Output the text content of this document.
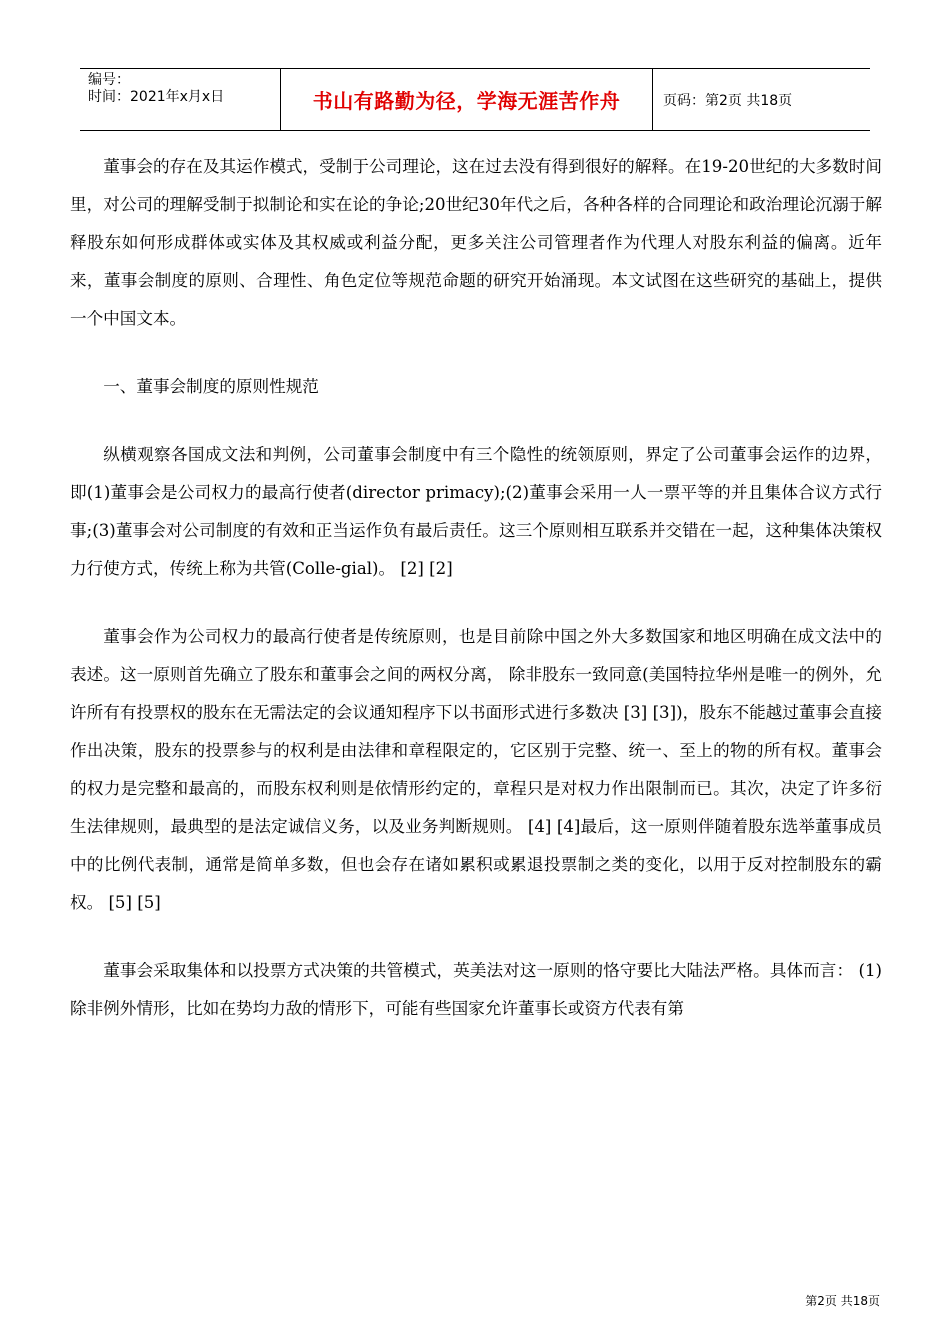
编号：
时间：2021年x月x日	书山有路勤为径，学海无涯苦作舟	页码：第2页 共18页

董事会的存在及其运作模式，受制于公司理论，这在过去没有得到很好的解释。在19-20世纪的大多数时间里，对公司的理解受制于拟制论和实在论的争论;20世纪30年代之后，各种各样的合同理论和政治理论沉溺于解释股东如何形成群体或实体及其权威或利益分配，更多关注公司管理者作为代理人对股东利益的偏离。近年来，董事会制度的原则、合理性、角色定位等规范命题的研究开始涌现。本文试图在这些研究的基础上，提供一个中国文本。

一、董事会制度的原则性规范

纵横观察各国成文法和判例，公司董事会制度中有三个隐性的统领原则，界定了公司董事会运作的边界，即(1)董事会是公司权力的最高行使者(director primacy);(2)董事会采用一人一票平等的并且集体合议方式行事;(3)董事会对公司制度的有效和正当运作负有最后责任。这三个原则相互联系并交错在一起，这种集体决策权力行使方式，传统上称为共管(Colle-gial)。 [2] [2]

董事会作为公司权力的最高行使者是传统原则，也是目前除中国之外大多数国家和地区明确在成文法中的表述。这一原则首先确立了股东和董事会之间的两权分离， 除非股东一致同意(美国特拉华州是唯一的例外，允许所有有投票权的股东在无需法定的会议通知程序下以书面形式进行多数决 [3] [3])，股东不能越过董事会直接作出决策，股东的投票参与的权利是由法律和章程限定的，它区别于完整、统一、至上的物的所有权。董事会的权力是完整和最高的，而股东权利则是依情形约定的，章程只是对权力作出限制而已。其次，决定了许多衍生法律规则，最典型的是法定诚信义务，以及业务判断规则。 [4] [4]最后，这一原则伴随着股东选举董事成员中的比例代表制，通常是简单多数，但也会存在诸如累积或累退投票制之类的变化，以用于反对控制股东的霸权。 [5] [5]

董事会采取集体和以投票方式决策的共管模式，英美法对这一原则的恪守要比大陆法严格。具体而言： (1)除非例外情形，比如在势均力敌的情形下，可能有些国家允许董事长或资方代表有第

第2页 共18页
